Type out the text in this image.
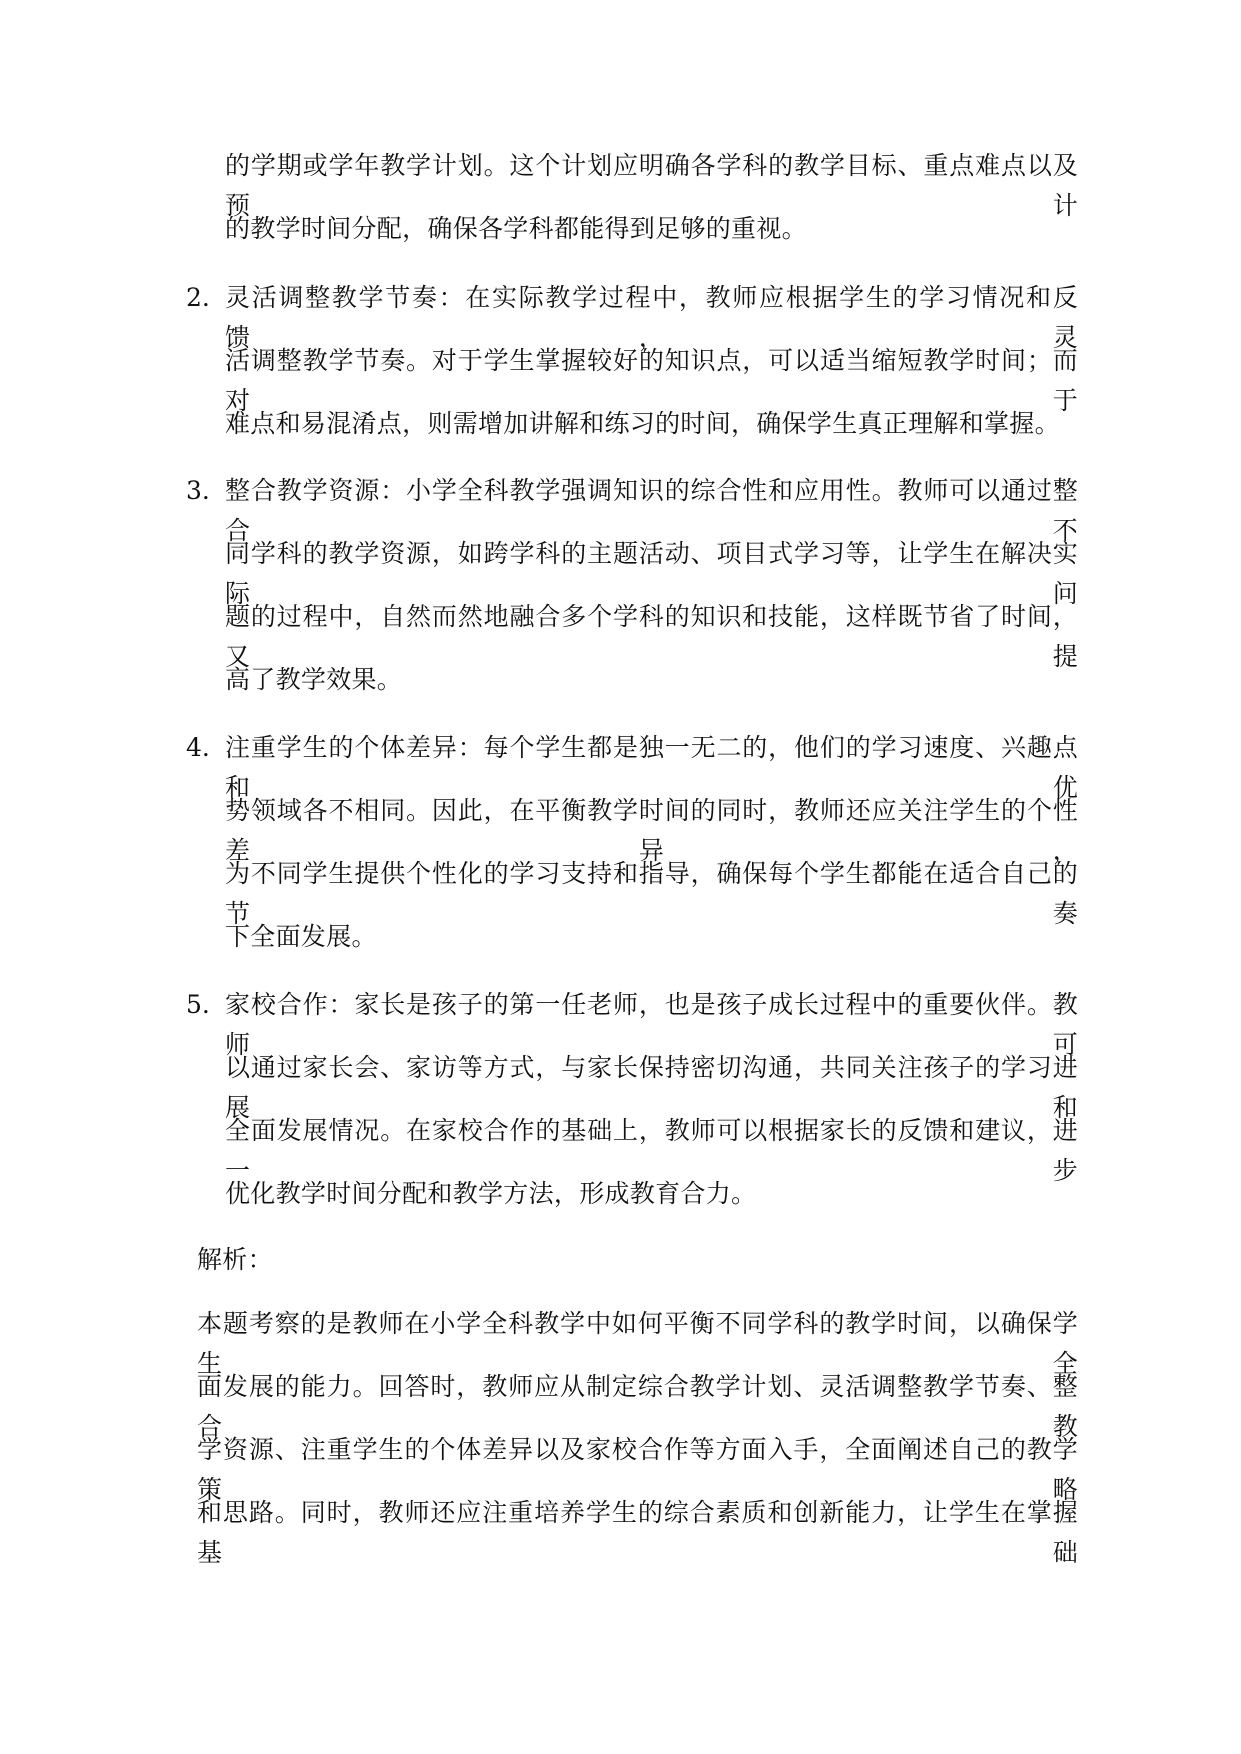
的学期或学年教学计划。这个计划应明确各学科的教学目标、重点难点以及预计
的教学时间分配，确保各学科都能得到足够的重视。
2. 灵活调整教学节奏：在实际教学过程中，教师应根据学生的学习情况和反馈，灵
活调整教学节奏。对于学生掌握较好的知识点，可以适当缩短教学时间；而对于
难点和易混淆点，则需增加讲解和练习的时间，确保学生真正理解和掌握。
3. 整合教学资源：小学全科教学强调知识的综合性和应用性。教师可以通过整合不
同学科的教学资源，如跨学科的主题活动、项目式学习等，让学生在解决实际问
题的过程中，自然而然地融合多个学科的知识和技能，这样既节省了时间，又提
高了教学效果。
4. 注重学生的个体差异：每个学生都是独一无二的，他们的学习速度、兴趣点和优
势领域各不相同。因此，在平衡教学时间的同时，教师还应关注学生的个性差异，
为不同学生提供个性化的学习支持和指导，确保每个学生都能在适合自己的节奏
下全面发展。
5. 家校合作：家长是孩子的第一任老师，也是孩子成长过程中的重要伙伴。教师可
以通过家长会、家访等方式，与家长保持密切沟通，共同关注孩子的学习进展和
全面发展情况。在家校合作的基础上，教师可以根据家长的反馈和建议，进一步
优化教学时间分配和教学方法，形成教育合力。
解析：
本题考察的是教师在小学全科教学中如何平衡不同学科的教学时间，以确保学生全
面发展的能力。回答时，教师应从制定综合教学计划、灵活调整教学节奏、整合教
学资源、注重学生的个体差异以及家校合作等方面入手，全面阐述自己的教学策略
和思路。同时，教师还应注重培养学生的综合素质和创新能力，让学生在掌握基础
